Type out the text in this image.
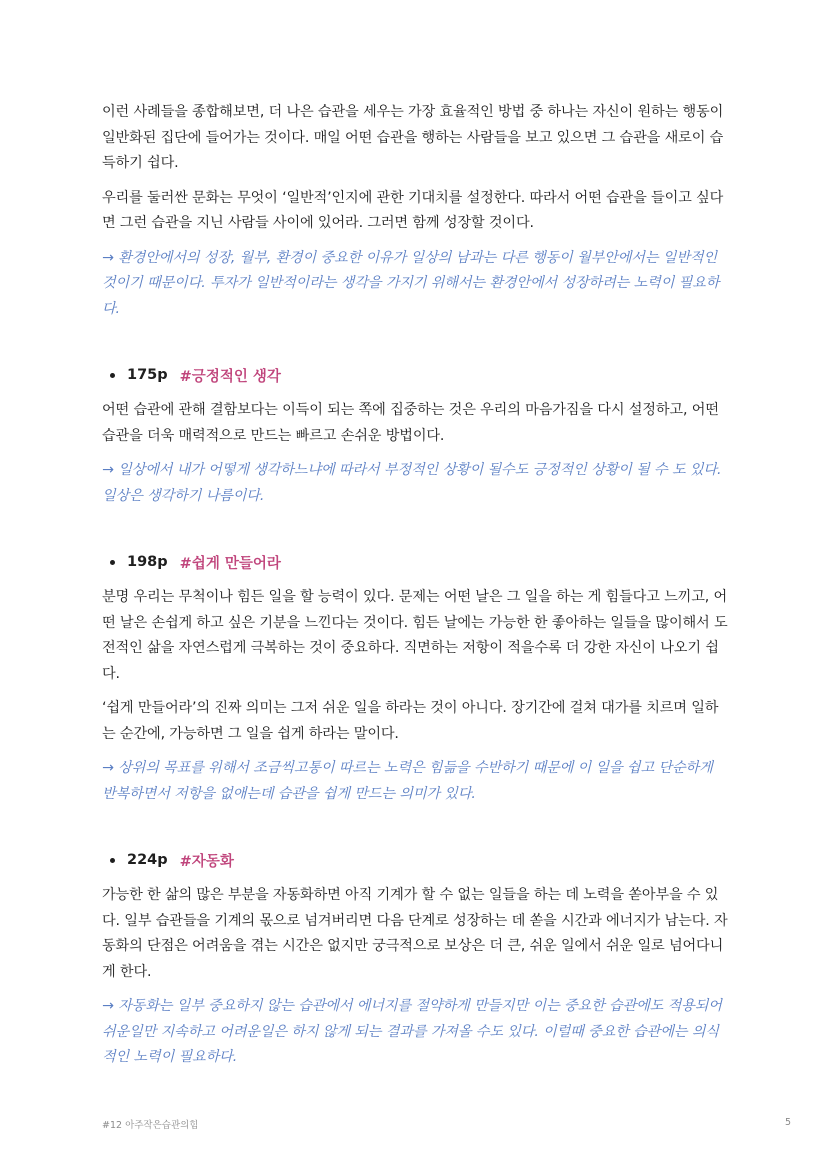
이런 사례들을 종합해보면, 더 나은 습관을 세우는 가장 효율적인 방법 중 하나는 자신이 원하는 행동이 일반화된 집단에 들어가는 것이다. 매일 어떤 습관을 행하는 사람들을 보고 있으면 그 습관을 새로이 습득하기 쉽다.

우리를 둘러싼 문화는 무엇이 ‘일반적’인지에 관한 기대치를 설정한다. 따라서 어떤 습관을 들이고 싶다면 그런 습관을 지닌 사람들 사이에 있어라. 그러면 함께 성장할 것이다.

→ 환경안에서의 성장, 월부, 환경이 중요한 이유가 일상의 남과는 다른 행동이 월부안에서는 일반적인 것이기 때문이다. 투자가 일반적이라는 생각을 가지기 위해서는 환경안에서 성장하려는 노력이 필요하다.

175p #긍정적인 생각

어떤 습관에 관해 결함보다는 이득이 되는 쪽에 집중하는 것은 우리의 마음가짐을 다시 설정하고, 어떤 습관을 더욱 매력적으로 만드는 빠르고 손쉬운 방법이다.

→ 일상에서 내가 어떻게 생각하느냐에 따라서 부정적인 상황이 될수도 긍정적인 상황이 될 수 도 있다. 일상은 생각하기 나름이다.

198p #쉽게 만들어라

분명 우리는 무척이나 힘든 일을 할 능력이 있다. 문제는 어떤 날은 그 일을 하는 게 힘들다고 느끼고, 어떤 날은 손쉽게 하고 싶은 기분을 느낀다는 것이다. 힘든 날에는 가능한 한 좋아하는 일들을 많이해서 도전적인 삶을 자연스럽게 극복하는 것이 중요하다. 직면하는 저항이 적을수록 더 강한 자신이 나오기 쉽다.

‘쉽게 만들어라’의 진짜 의미는 그저 쉬운 일을 하라는 것이 아니다. 장기간에 걸쳐 대가를 치르며 일하는 순간에, 가능하면 그 일을 쉽게 하라는 말이다.

→ 상위의 목표를 위해서 조금씩고통이 따르는 노력은 힘듦을 수반하기 때문에 이 일을 쉽고 단순하게 반복하면서 저항을 없애는데 습관을 쉽게 만드는 의미가 있다.

224p #자동화

가능한 한 삶의 많은 부분을 자동화하면 아직 기계가 할 수 없는 일들을 하는 데 노력을 쏟아부을 수 있다. 일부 습관들을 기계의 몫으로 넘겨버리면 다음 단계로 성장하는 데 쏟을 시간과 에너지가 남는다. 자동화의 단점은 어려움을 겪는 시간은 없지만 궁극적으로 보상은 더 큰, 쉬운 일에서 쉬운 일로 넘어다니게 한다.

→ 자동화는 일부 중요하지 않는 습관에서 에너지를 절약하게 만들지만 이는 중요한 습관에도 적용되어 쉬운일만 지속하고 어려운일은 하지 않게 되는 결과를 가져올 수도 있다. 이럴때 중요한 습관에는 의식적인 노력이 필요하다.

#12 아주작은습관의힘	5
